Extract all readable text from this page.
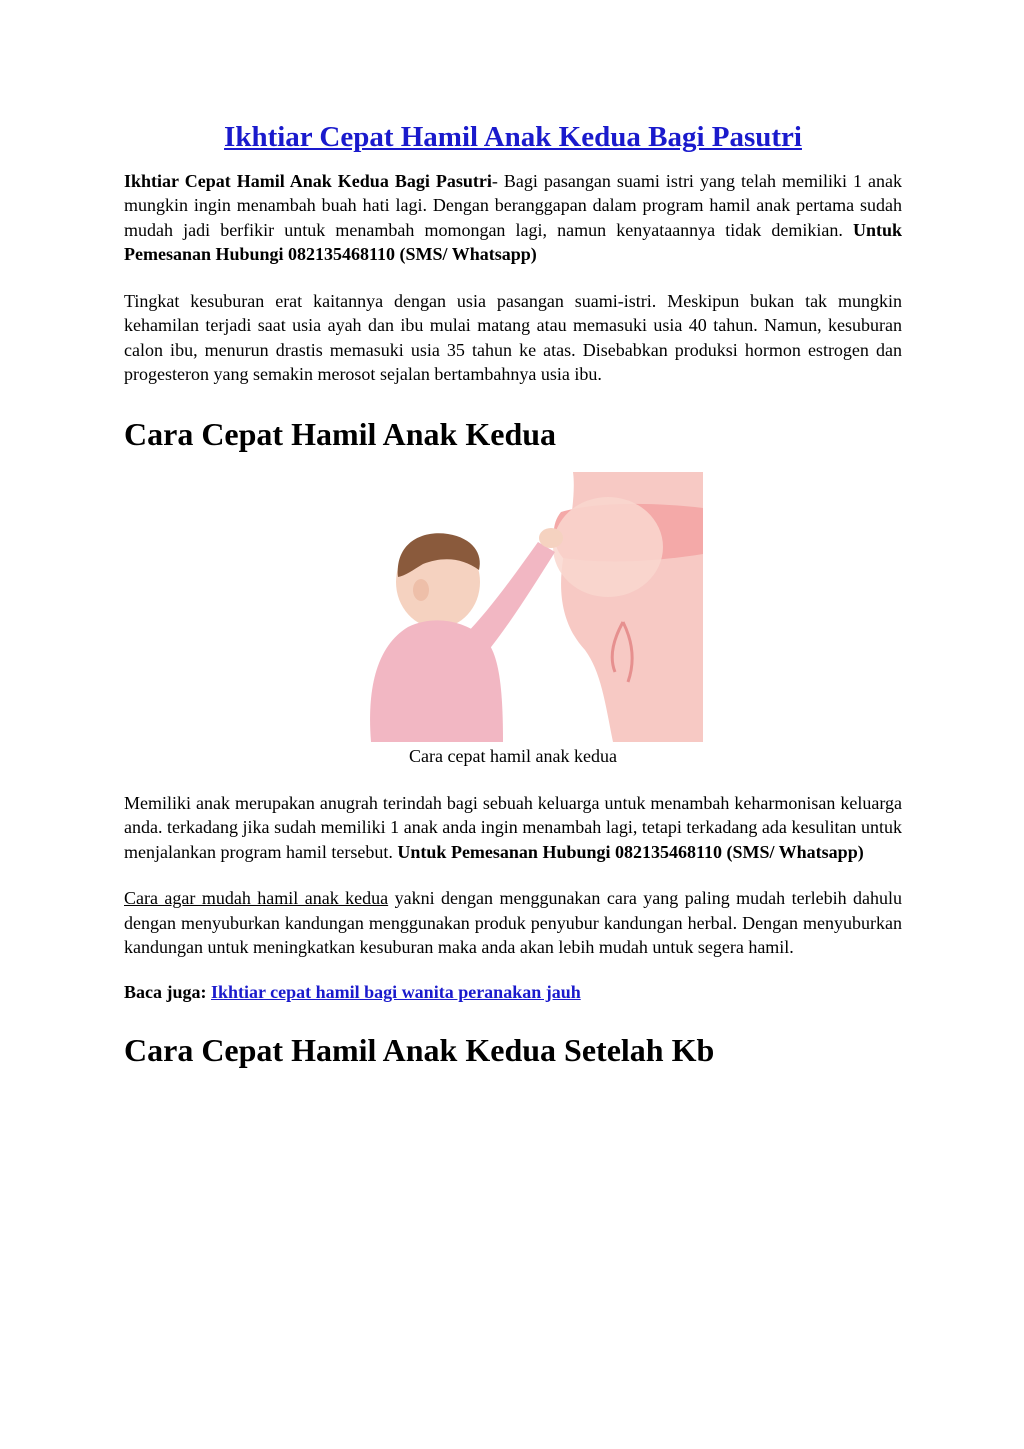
Ikhtiar Cepat Hamil Anak Kedua Bagi Pasutri

Ikhtiar Cepat Hamil Anak Kedua Bagi Pasutri- Bagi pasangan suami istri yang telah memiliki 1 anak mungkin ingin menambah buah hati lagi. Dengan beranggapan dalam program hamil anak pertama sudah mudah jadi berfikir untuk menambah momongan lagi, namun kenyataannya tidak demikian. Untuk Pemesanan Hubungi 082135468110 (SMS/ Whatsapp)

Tingkat kesuburan erat kaitannya dengan usia pasangan suami-istri. Meskipun bukan tak mungkin kehamilan terjadi saat usia ayah dan ibu mulai matang atau memasuki usia 40 tahun. Namun, kesuburan calon ibu, menurun drastis memasuki usia 35 tahun ke atas. Disebabkan produksi hormon estrogen dan progesteron yang semakin merosot sejalan bertambahnya usia ibu.

Cara Cepat Hamil Anak Kedua
Cara cepat hamil anak kedua

Memiliki anak merupakan anugrah terindah bagi sebuah keluarga untuk menambah keharmonisan keluarga anda. terkadang jika sudah memiliki 1 anak anda ingin menambah lagi, tetapi terkadang ada kesulitan untuk menjalankan program hamil tersebut. Untuk Pemesanan Hubungi 082135468110 (SMS/ Whatsapp)

Cara agar mudah hamil anak kedua yakni dengan menggunakan cara yang paling mudah terlebih dahulu dengan menyuburkan kandungan menggunakan produk penyubur kandungan herbal. Dengan menyuburkan kandungan untuk meningkatkan kesuburan maka anda akan lebih mudah untuk segera hamil.

Baca juga: Ikhtiar cepat hamil bagi wanita peranakan jauh
Cara Cepat Hamil Anak Kedua Setelah Kb
